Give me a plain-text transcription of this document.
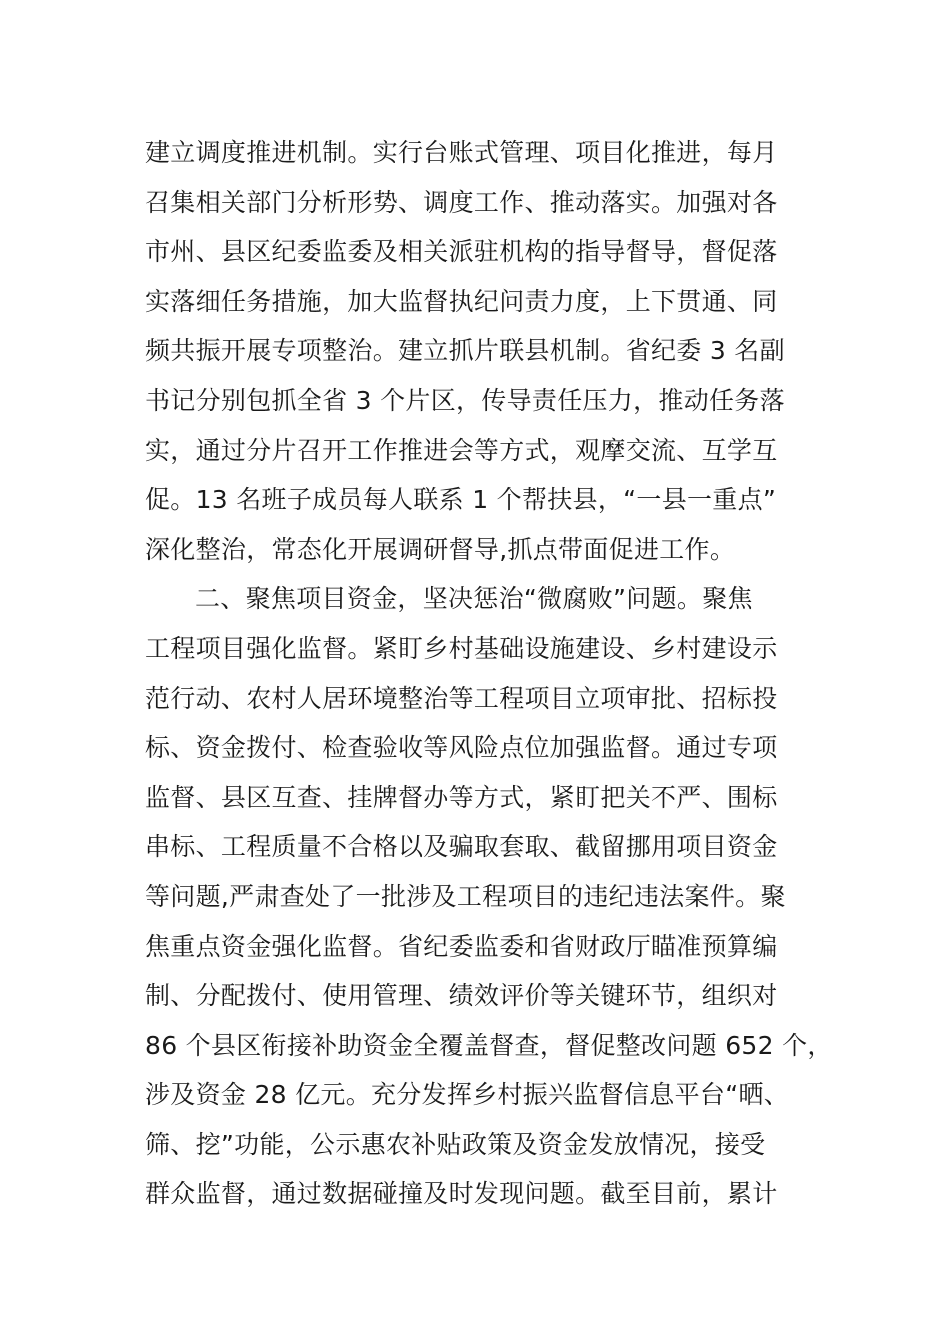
建立调度推进机制。实行台账式管理、项目化推进，每月
召集相关部门分析形势、调度工作、推动落实。加强对各
市州、县区纪委监委及相关派驻机构的指导督导，督促落
实落细任务措施，加大监督执纪问责力度，上下贯通、同
频共振开展专项整治。建立抓片联县机制。省纪委 3 名副
书记分别包抓全省 3 个片区，传导责任压力，推动任务落
实，通过分片召开工作推进会等方式，观摩交流、互学互
促。13 名班子成员每人联系 1 个帮扶县，“一县一重点”
深化整治，常态化开展调研督导,抓点带面促进工作。
二、聚焦项目资金，坚决惩治“微腐败”问题。聚焦
工程项目强化监督。紧盯乡村基础设施建设、乡村建设示
范行动、农村人居环境整治等工程项目立项审批、招标投
标、资金拨付、检查验收等风险点位加强监督。通过专项
监督、县区互查、挂牌督办等方式，紧盯把关不严、围标
串标、工程质量不合格以及骗取套取、截留挪用项目资金
等问题,严肃查处了一批涉及工程项目的违纪违法案件。聚
焦重点资金强化监督。省纪委监委和省财政厅瞄准预算编
制、分配拨付、使用管理、绩效评价等关键环节，组织对
86 个县区衔接补助资金全覆盖督查，督促整改问题 652 个，
涉及资金 28 亿元。充分发挥乡村振兴监督信息平台“晒、
筛、挖”功能，公示惠农补贴政策及资金发放情况，接受
群众监督，通过数据碰撞及时发现问题。截至目前，累计
